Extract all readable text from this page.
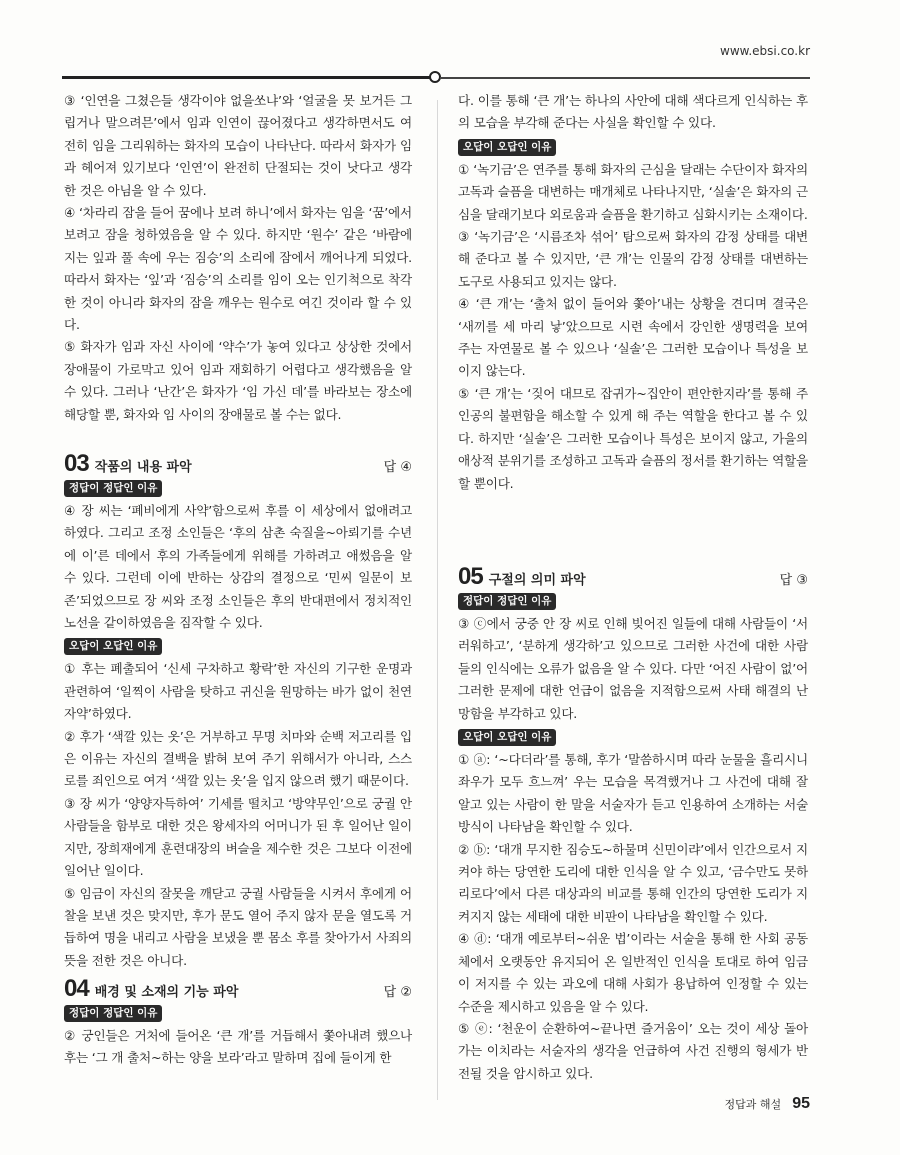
www.ebsi.co.kr

③ ‘인연을 그쳤은들 생각이야 없을쏘냐’와 ‘얼굴을 못 보거든 그립거나 말으려믄’에서 임과 인연이 끊어졌다고 생각하면서도 여전히 임을 그리워하는 화자의 모습이 나타난다. 따라서 화자가 임과 헤어져 있기보다 ‘인연’이 완전히 단절되는 것이 낫다고 생각한 것은 아님을 알 수 있다.

④ ‘차라리 잠을 들어 꿈에나 보려 하니’에서 화자는 임을 ‘꿈’에서 보려고 잠을 청하였음을 알 수 있다. 하지만 ‘원수’ 같은 ‘바람에 지는 잎과 풀 속에 우는 짐승’의 소리에 잠에서 깨어나게 되었다. 따라서 화자는 ‘잎’과 ‘짐승’의 소리를 임이 오는 인기척으로 착각한 것이 아니라 화자의 잠을 깨우는 원수로 여긴 것이라 할 수 있다.

⑤ 화자가 임과 자신 사이에 ‘약수’가 놓여 있다고 상상한 것에서 장애물이 가로막고 있어 임과 재회하기 어렵다고 생각했음을 알 수 있다. 그러나 ‘난간’은 화자가 ‘임 가신 데’를 바라보는 장소에 해당할 뿐, 화자와 임 사이의 장애물로 볼 수는 없다.

03 작품의 내용 파악	답 ④
정답이 정답인 이유

④ 장 씨는 ‘폐비에게 사약’함으로써 후를 이 세상에서 없애려고 하였다. 그리고 조정 소인들은 ‘후의 삼촌 숙질을~아뢰기를 수년에 이’른 데에서 후의 가족들에게 위해를 가하려고 애썼음을 알 수 있다. 그런데 이에 반하는 상감의 결정으로 ‘민씨 일문이 보존’되었으므로 장 씨와 조정 소인들은 후의 반대편에서 정치적인 노선을 같이하였음을 짐작할 수 있다.

오답이 오답인 이유

① 후는 폐출되어 ‘신세 구차하고 황락’한 자신의 기구한 운명과 관련하여 ‘일찍이 사람을 탓하고 귀신을 원망하는 바가 없이 천연자약’하였다.

② 후가 ‘색깔 있는 옷’은 거부하고 무명 치마와 순백 저고리를 입은 이유는 자신의 결백을 밝혀 보여 주기 위해서가 아니라, 스스로를 죄인으로 여겨 ‘색깔 있는 옷’을 입지 않으려 했기 때문이다.

③ 장 씨가 ‘양양자득하여’ 기세를 떨치고 ‘방약무인’으로 궁궐 안 사람들을 함부로 대한 것은 왕세자의 어머니가 된 후 일어난 일이지만, 장희재에게 훈련대장의 벼슬을 제수한 것은 그보다 이전에 일어난 일이다.

⑤ 임금이 자신의 잘못을 깨닫고 궁궐 사람들을 시켜서 후에게 어찰을 보낸 것은 맞지만, 후가 문도 열어 주지 않자 문을 열도록 거듭하여 명을 내리고 사람을 보냈을 뿐 몸소 후를 찾아가서 사죄의 뜻을 전한 것은 아니다.

04 배경 및 소재의 기능 파악	답 ②
정답이 정답인 이유

② 궁인들은 거처에 들어온 ‘큰 개’를 거듭해서 쫓아내려 했으나 후는 ‘그 개 출처~하는 양을 보라’라고 말하며 집에 들이게 한

다. 이를 통해 ‘큰 개’는 하나의 사안에 대해 색다르게 인식하는 후의 모습을 부각해 준다는 사실을 확인할 수 있다.

오답이 오답인 이유

① ‘녹기금’은 연주를 통해 화자의 근심을 달래는 수단이자 화자의 고독과 슬픔을 대변하는 매개체로 나타나지만, ‘실솔’은 화자의 근심을 달래기보다 외로움과 슬픔을 환기하고 심화시키는 소재이다.

③ ‘녹기금’은 ‘시름조차 섞어’ 탐으로써 화자의 감정 상태를 대변해 준다고 볼 수 있지만, ‘큰 개’는 인물의 감정 상태를 대변하는 도구로 사용되고 있지는 않다.

④ ‘큰 개’는 ‘출처 없이 들어와 쫓아’내는 상황을 견디며 결국은 ‘새끼를 세 마리 낳’았으므로 시련 속에서 강인한 생명력을 보여 주는 자연물로 볼 수 있으나 ‘실솔’은 그러한 모습이나 특성을 보이지 않는다.

⑤ ‘큰 개’는 ‘짖어 대므로 잡귀가~집안이 편안한지라’를 통해 주인공의 불편함을 해소할 수 있게 해 주는 역할을 한다고 볼 수 있다. 하지만 ‘실솔’은 그러한 모습이나 특성은 보이지 않고, 가을의 애상적 분위기를 조성하고 고독과 슬픔의 정서를 환기하는 역할을 할 뿐이다.

05 구절의 의미 파악	답 ③
정답이 정답인 이유

③ ⓒ에서 궁중 안 장 씨로 인해 빚어진 일들에 대해 사람들이 ‘서러워하고’, ‘분하게 생각하’고 있으므로 그러한 사건에 대한 사람들의 인식에는 오류가 없음을 알 수 있다. 다만 ‘어진 사람이 없’어 그러한 문제에 대한 언급이 없음을 지적함으로써 사태 해결의 난망함을 부각하고 있다.

오답이 오답인 이유

① ⓐ: ‘~다더라’를 통해, 후가 ‘말씀하시며 따라 눈물을 흘리시니 좌우가 모두 흐느껴’ 우는 모습을 목격했거나 그 사건에 대해 잘 알고 있는 사람이 한 말을 서술자가 듣고 인용하여 소개하는 서술 방식이 나타남을 확인할 수 있다.

② ⓑ: ‘대개 무지한 짐승도~하물며 신민이랴’에서 인간으로서 지켜야 하는 당연한 도리에 대한 인식을 알 수 있고, ‘금수만도 못하리로다’에서 다른 대상과의 비교를 통해 인간의 당연한 도리가 지켜지지 않는 세태에 대한 비판이 나타남을 확인할 수 있다.

④ ⓓ: ‘대개 예로부터~쉬운 법’이라는 서술을 통해 한 사회 공동체에서 오랫동안 유지되어 온 일반적인 인식을 토대로 하여 임금이 저지를 수 있는 과오에 대해 사회가 용납하여 인정할 수 있는 수준을 제시하고 있음을 알 수 있다.

⑤ ⓔ: ‘천운이 순환하여~끝나면 즐거움이’ 오는 것이 세상 돌아가는 이치라는 서술자의 생각을 언급하여 사건 진행의 형세가 반전될 것을 암시하고 있다.

정답과 해설 95
